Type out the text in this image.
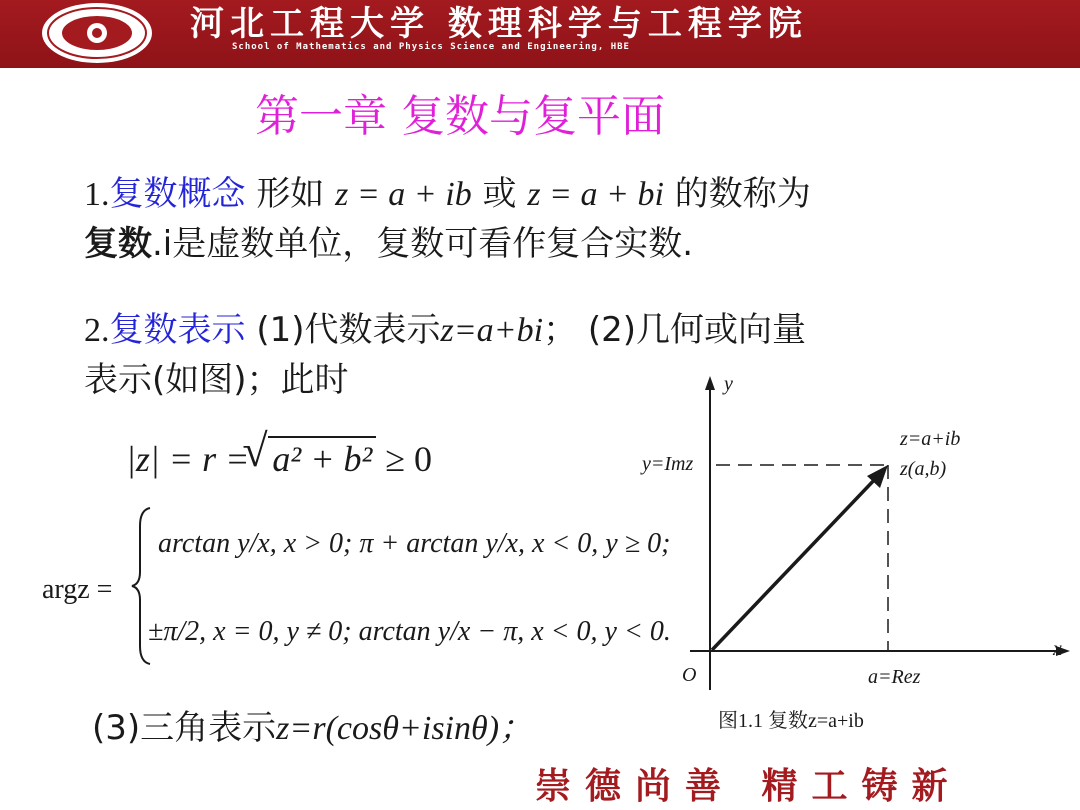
河北工程大学 数理科学与工程学院
School of Mathematics and Physics Science and Engineering, HBE
第一章 复数与复平面
1.复数概念 形如 z = a + ib 或 z = a + bi 的数称为
复数.i是虚数单位，复数可看作复合实数.
2.复数表示 (1)代数表示z=a+bi； (2)几何或向量
表示(如图)；此时
|z| = r =
√ a² + b² ≥ 0
argz =
arctan y/x, x > 0; π + arctan y/x, x < 0, y ≥ 0;
±π/2, x = 0, y ≠ 0; arctan y/x − π, x < 0, y < 0.
(3)三角表示z=r(cosθ+isinθ)；
y
x
O
y=Imz
z=a+ib
z(a,b)
a=Rez
图1.1 复数z=a+ib
崇德尚善 精工铸新
